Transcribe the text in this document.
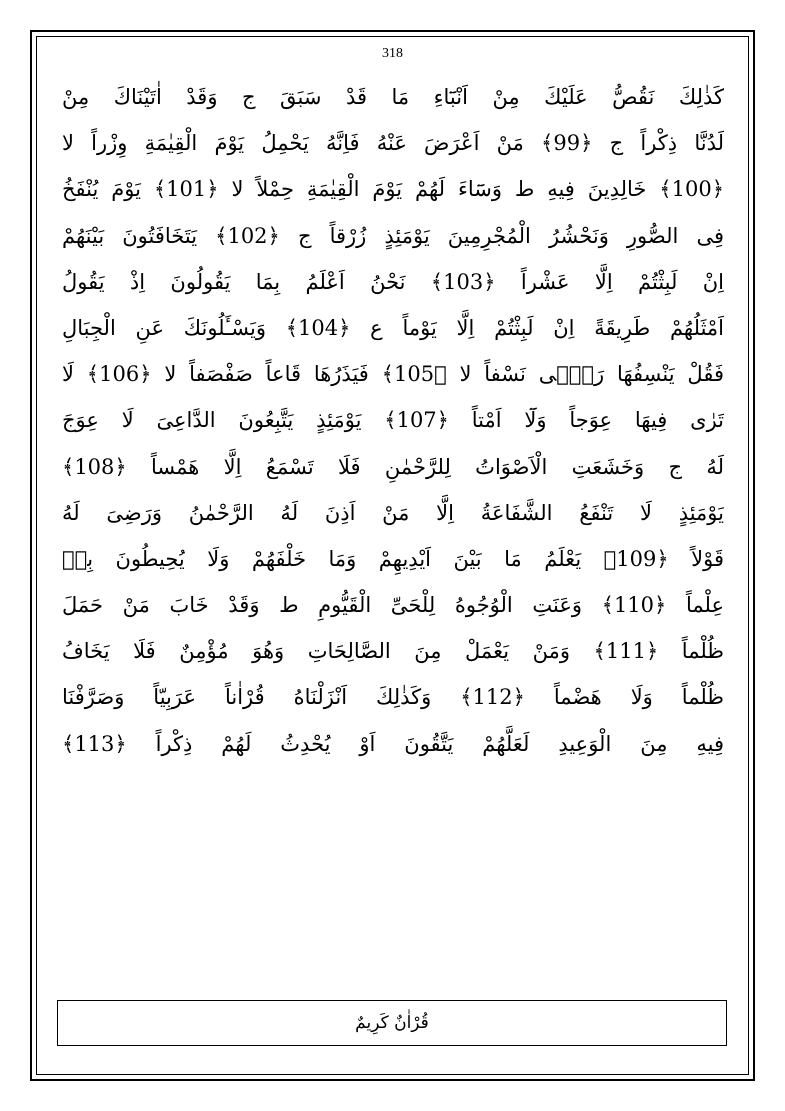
318
كَذٰلِكَ نَقُصُّ عَلَيْكَ مِنْ اَنْبَٓاءِ مَا قَدْ سَبَقَ ج وَقَدْ اٰتَيْنَاكَ مِنْ
لَدُنَّا ذِكْراً ج ﴿99﴾ مَنْ اَعْرَضَ عَنْهُ فَاِنَّهُ يَحْمِلُ يَوْمَ الْقِيٰمَةِ وِزْراً لا
﴿100﴾ خَالِدِينَ فِيهِ ط وَسَٓاءَ لَهُمْ يَوْمَ الْقِيٰمَةِ حِمْلاً لا ﴿101﴾ يَوْمَ يُنْفَخُ
فِى الصُّورِ وَنَحْشُرُ الْمُجْرِمِينَ يَوْمَئِذٍ زُرْقاً ج ﴿102﴾ يَتَخَافَتُونَ بَيْنَهُمْ
اِنْ لَبِثْتُمْ اِلَّا عَشْراً ﴿103﴾ نَحْنُ اَعْلَمُ بِمَا يَقُولُونَ اِذْ يَقُولُ
اَمْثَلُهُمْ طَرِيقَةً اِنْ لَبِثْتُمْ اِلَّا يَوْماً ع ﴿104﴾ وَيَسْـَٔلُونَكَ عَنِ الْجِبَالِ
فَقُلْ يَنْسِفُهَا رَبّ۪ى نَسْفاً لا ﴿105﴾ فَيَذَرُهَا قَاعاً صَفْصَفاً لا ﴿106﴾ لَا
تَرٰى فِيهَا عِوَجاً وَلَٓا اَمْتاً ﴿107﴾ يَوْمَئِذٍ يَتَّبِعُونَ الدَّاعِىَ لَا عِوَجَ
لَهُ ج وَخَشَعَتِ الْاَصْوَاتُ لِلرَّحْمٰنِ فَلَا تَسْمَعُ اِلَّا هَمْساً ﴿108﴾
يَوْمَئِذٍ لَا تَنْفَعُ الشَّفَاعَةُ اِلَّا مَنْ اَذِنَ لَهُ الرَّحْمٰنُ وَرَضِىَ لَهُ
قَوْلاً ﴿109﴾ يَعْلَمُ مَا بَيْنَ اَيْدِيهِمْ وَمَا خَلْفَهُمْ وَلَا يُحِيطُونَ بِه۪
عِلْماً ﴿110﴾ وَعَنَتِ الْوُجُوهُ لِلْحَىِّ الْقَيُّومِ ط وَقَدْ خَابَ مَنْ حَمَلَ
ظُلْماً ﴿111﴾ وَمَنْ يَعْمَلْ مِنَ الصَّالِحَاتِ وَهُوَ مُؤْمِنٌ فَلَا يَخَافُ
ظُلْماً وَلَا هَضْماً ﴿112﴾ وَكَذٰلِكَ اَنْزَلْنَاهُ قُرْاٰناً عَرَبِيّاً وَصَرَّفْنَا
فِيهِ مِنَ الْوَعِيدِ لَعَلَّهُمْ يَتَّقُونَ اَوْ يُحْدِثُ لَهُمْ ذِكْراً ﴿113﴾
قُرْاٰنٌ كَرِيمٌ
